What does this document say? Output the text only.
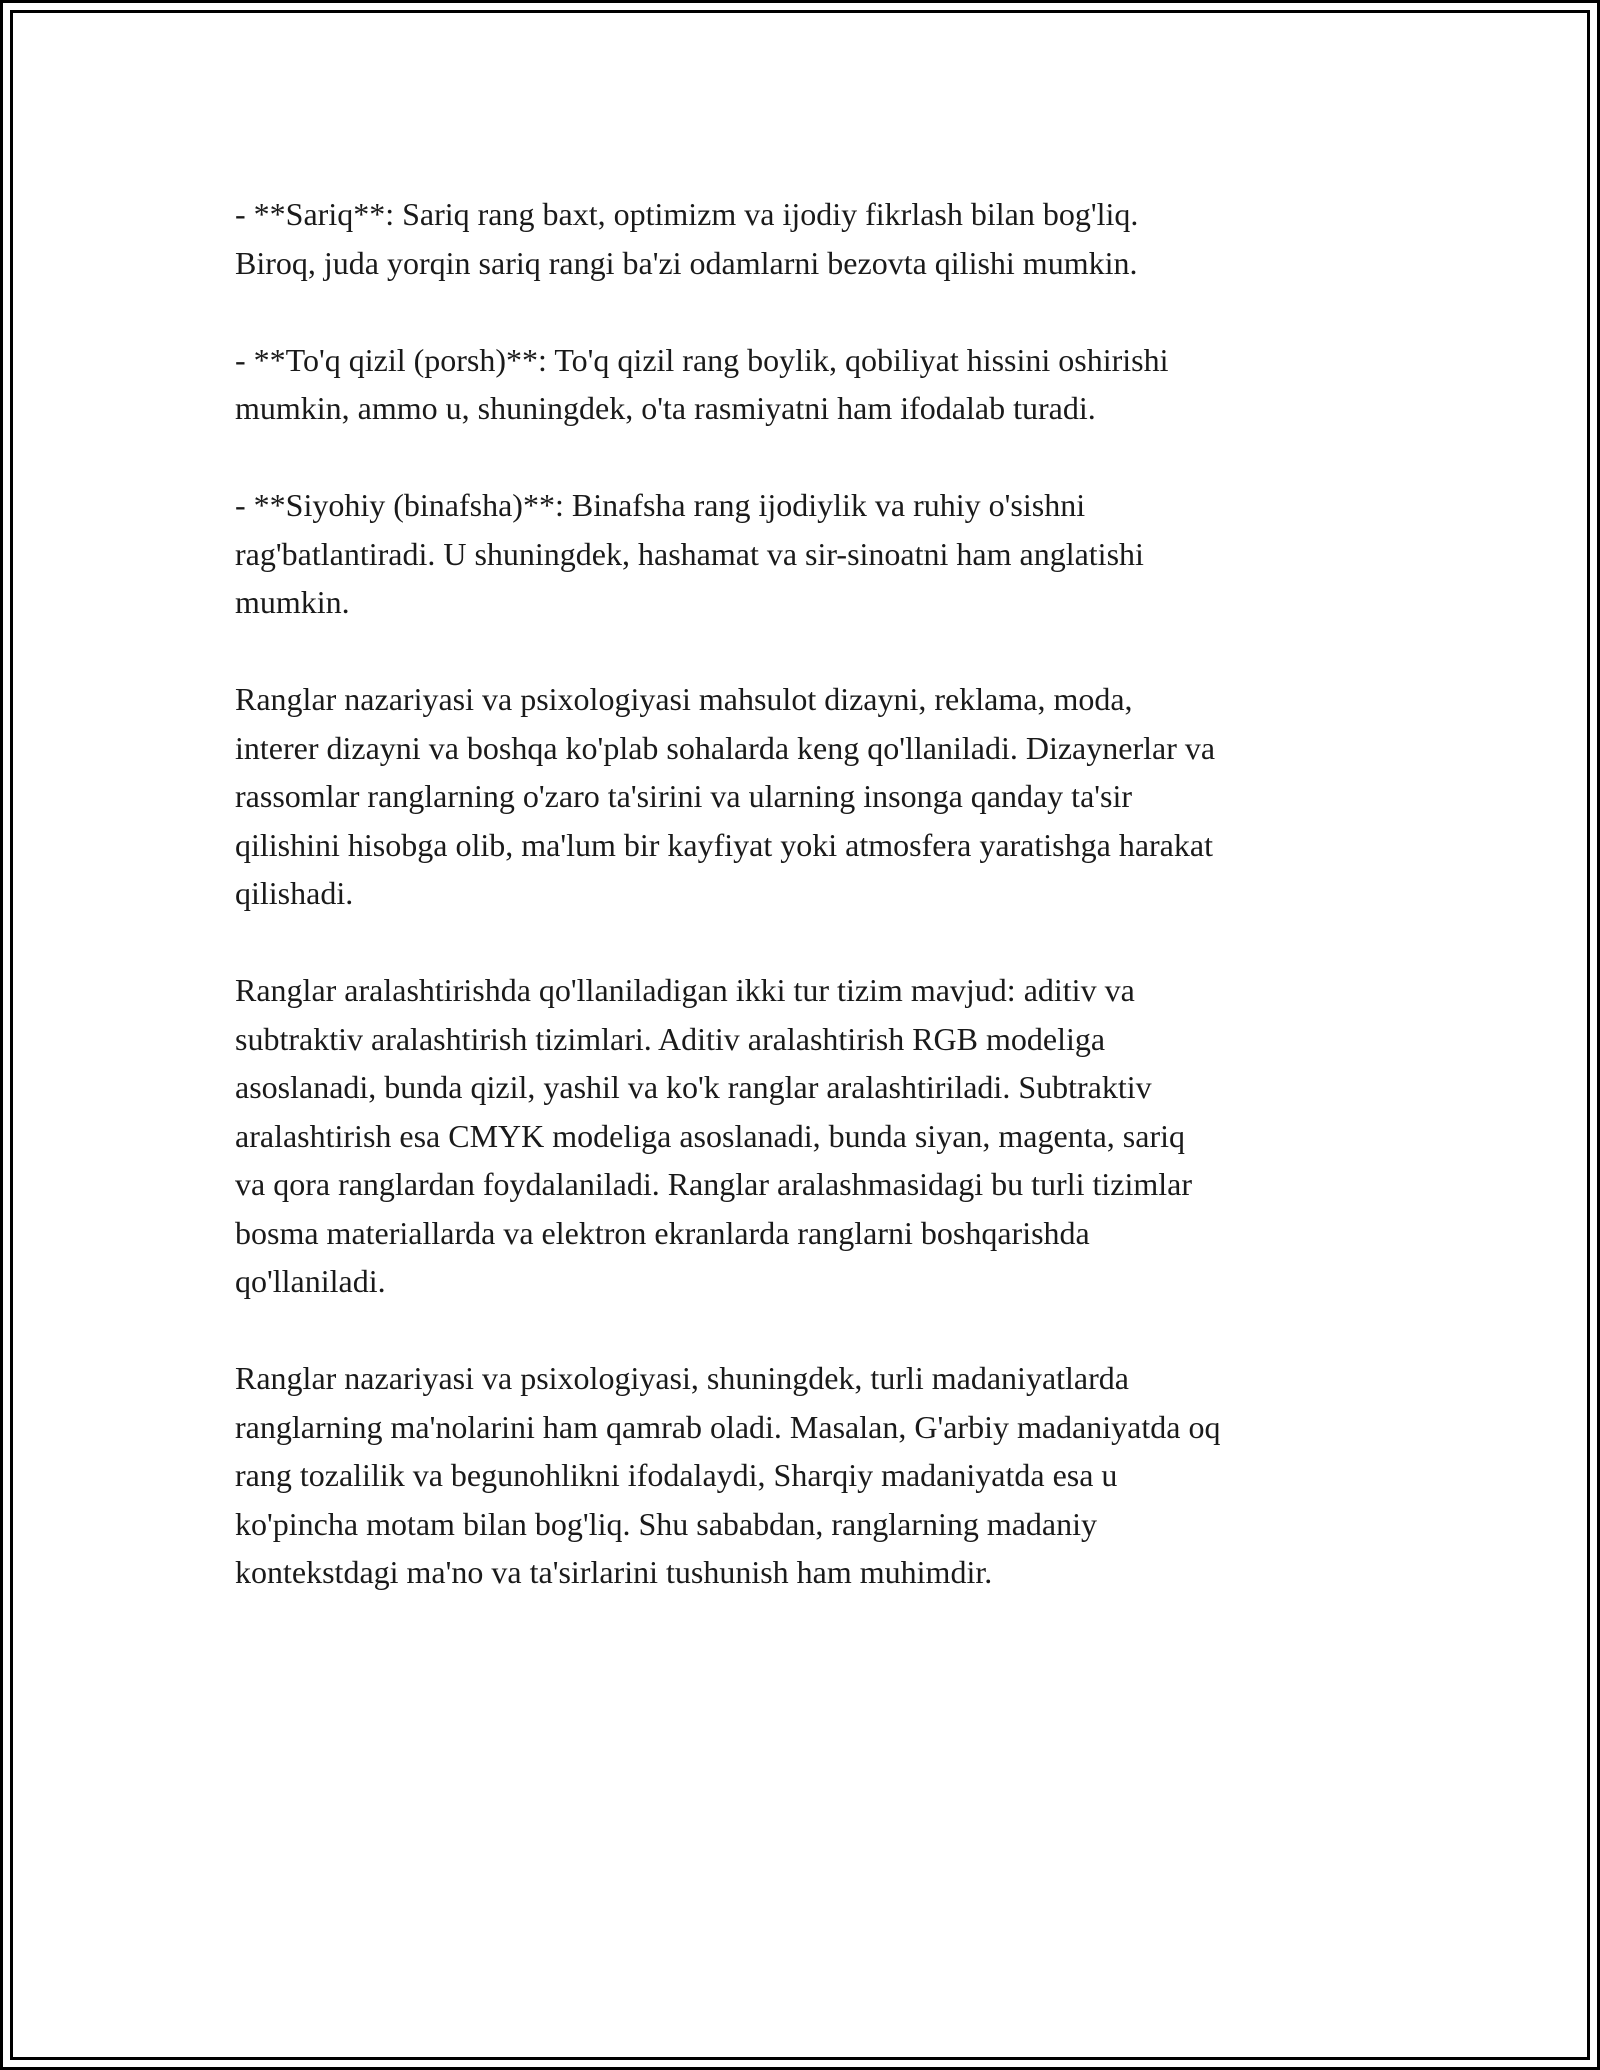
- **Sariq**: Sariq rang baxt, optimizm va ijodiy fikrlash bilan bog'liq.
Biroq, juda yorqin sariq rangi ba'zi odamlarni bezovta qilishi mumkin.

- **To'q qizil (porsh)**: To'q qizil rang boylik, qobiliyat hissini oshirishi
mumkin, ammo u, shuningdek, o'ta rasmiyatni ham ifodalab turadi.

- **Siyohiy (binafsha)**: Binafsha rang ijodiylik va ruhiy o'sishni
rag'batlantiradi. U shuningdek, hashamat va sir-sinoatni ham anglatishi
mumkin.

Ranglar nazariyasi va psixologiyasi mahsulot dizayni, reklama, moda,
interer dizayni va boshqa ko'plab sohalarda keng qo'llaniladi. Dizaynerlar va
rassomlar ranglarning o'zaro ta'sirini va ularning insonga qanday ta'sir
qilishini hisobga olib, ma'lum bir kayfiyat yoki atmosfera yaratishga harakat
qilishadi.

Ranglar aralashtirishda qo'llaniladigan ikki tur tizim mavjud: aditiv va
subtraktiv aralashtirish tizimlari. Aditiv aralashtirish RGB modeliga
asoslanadi, bunda qizil, yashil va ko'k ranglar aralashtiriladi. Subtraktiv
aralashtirish esa CMYK modeliga asoslanadi, bunda siyan, magenta, sariq
va qora ranglardan foydalaniladi. Ranglar aralashmasidagi bu turli tizimlar
bosma materiallarda va elektron ekranlarda ranglarni boshqarishda
qo'llaniladi.

Ranglar nazariyasi va psixologiyasi, shuningdek, turli madaniyatlarda
ranglarning ma'nolarini ham qamrab oladi. Masalan, G'arbiy madaniyatda oq
rang tozalilik va begunohlikni ifodalaydi, Sharqiy madaniyatda esa u
ko'pincha motam bilan bog'liq. Shu sababdan, ranglarning madaniy
kontekstdagi ma'no va ta'sirlarini tushunish ham muhimdir.
